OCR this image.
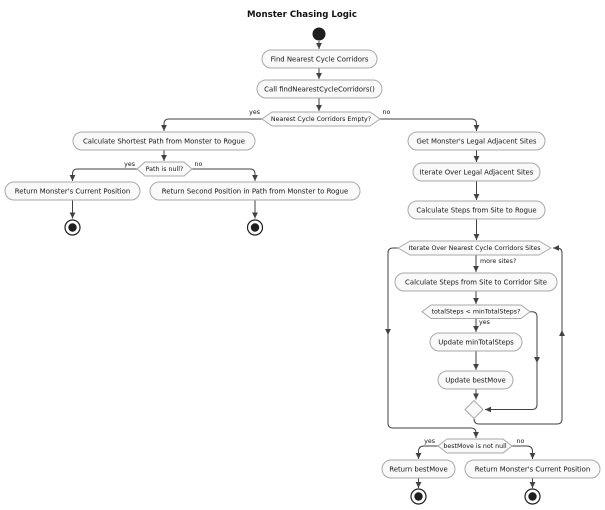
Monster Chasing Logic
Find Nearest Cycle Corridors
Call findNearestCycleCorridors()
Nearest Cycle Corridors Empty?
yes	no
Calculate Shortest Path from Monster to Rogue
Path is null?
yes	no
Return Monster's Current Position	Return Second Position in Path from Monster to Rogue
Get Monster's Legal Adjacent Sites
Iterate Over Legal Adjacent Sites
Calculate Steps from Site to Rogue
Iterate Over Nearest Cycle Corridors Sites
more sites?
Calculate Steps from Site to Corridor Site
totalSteps < minTotalSteps?
yes
Update minTotalSteps
Update bestMove
bestMove is not null
yes	no
Return bestMove	Return Monster's Current Position
